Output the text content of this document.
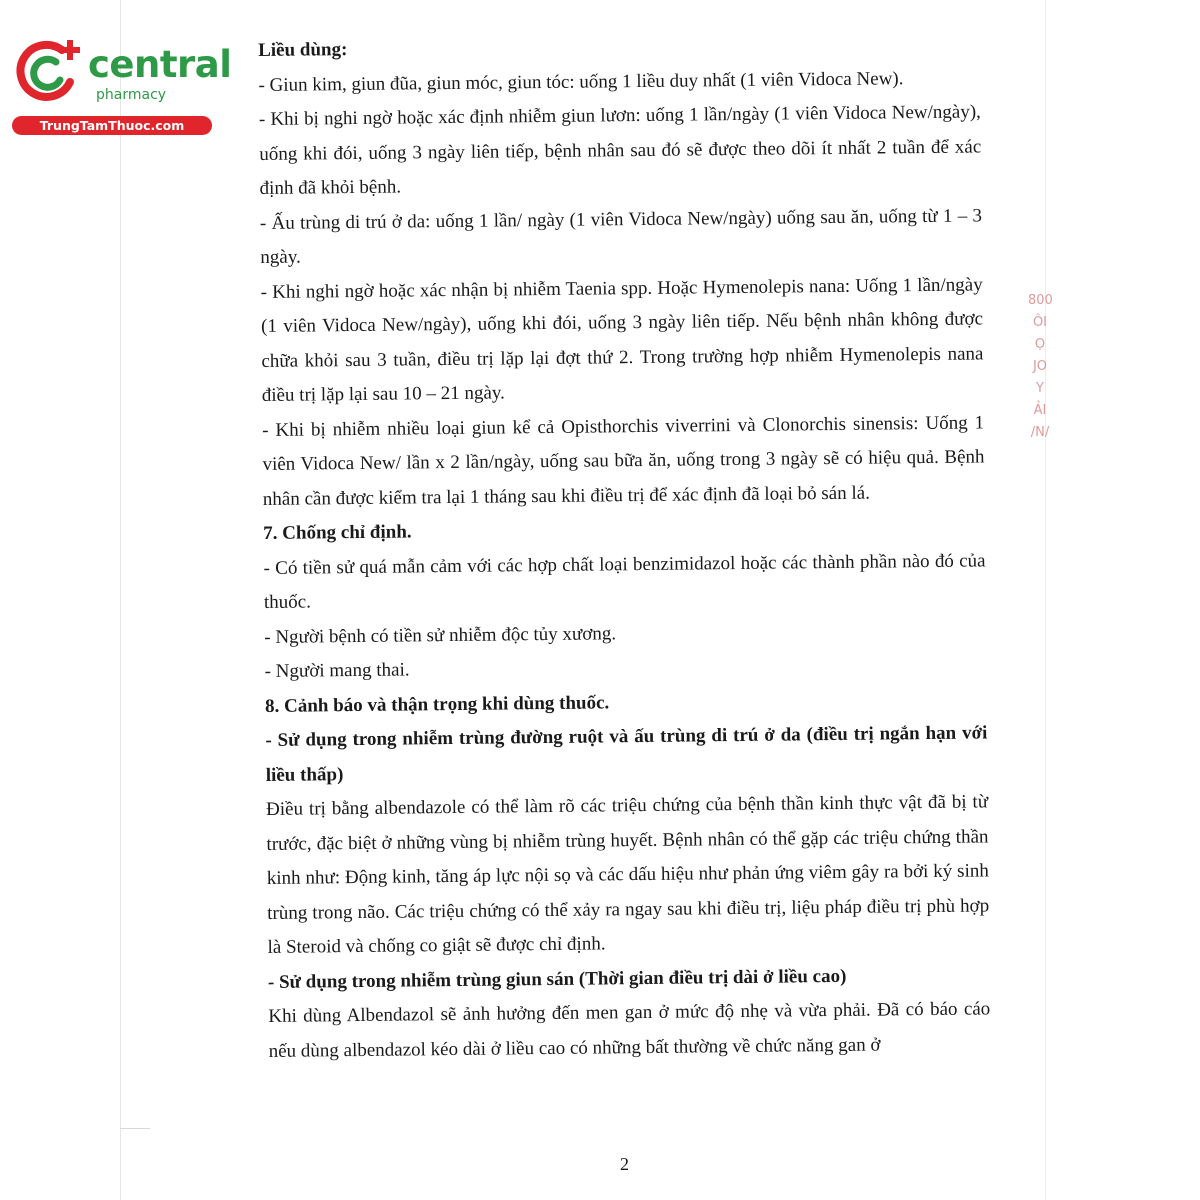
central
pharmacy
TrungTamThuoc.com
800
ÔI
Ọ
JO
Y
ẢI
/N/

Liều dùng:

- Giun kim, giun đũa, giun móc, giun tóc: uống 1 liều duy nhất (1 viên Vidoca New).

- Khi bị nghi ngờ hoặc xác định nhiễm giun lươn: uống 1 lần/ngày (1 viên Vidoca New/ngày), uống khi đói, uống 3 ngày liên tiếp, bệnh nhân sau đó sẽ được theo dõi ít nhất 2 tuần để xác định đã khỏi bệnh.

- Ấu trùng di trú ở da: uống 1 lần/ ngày (1 viên Vidoca New/ngày) uống sau ăn, uống từ 1 – 3 ngày.

- Khi nghi ngờ hoặc xác nhận bị nhiễm Taenia spp. Hoặc Hymenolepis nana: Uống 1 lần/ngày (1 viên Vidoca New/ngày), uống khi đói, uống 3 ngày liên tiếp. Nếu bệnh nhân không được chữa khỏi sau 3 tuần, điều trị lặp lại đợt thứ 2. Trong trường hợp nhiễm Hymenolepis nana điều trị lặp lại sau 10 – 21 ngày.

- Khi bị nhiễm nhiều loại giun kể cả Opisthorchis viverrini và Clonorchis sinensis: Uống 1 viên Vidoca New/ lần x 2 lần/ngày, uống sau bữa ăn, uống trong 3 ngày sẽ có hiệu quả. Bệnh nhân cần được kiểm tra lại 1 tháng sau khi điều trị để xác định đã loại bỏ sán lá.

7. Chống chỉ định.

- Có tiền sử quá mẫn cảm với các hợp chất loại benzimidazol hoặc các thành phần nào đó của thuốc.

- Người bệnh có tiền sử nhiễm độc tủy xương.

- Người mang thai.

8. Cảnh báo và thận trọng khi dùng thuốc.

- Sử dụng trong nhiễm trùng đường ruột và ấu trùng di trú ở da (điều trị ngắn hạn với liều thấp)

Điều trị bằng albendazole có thể làm rõ các triệu chứng của bệnh thần kinh thực vật đã bị từ trước, đặc biệt ở những vùng bị nhiễm trùng huyết. Bệnh nhân có thể gặp các triệu chứng thần kinh như: Động kinh, tăng áp lực nội sọ và các dấu hiệu như phản ứng viêm gây ra bởi ký sinh trùng trong não. Các triệu chứng có thể xảy ra ngay sau khi điều trị, liệu pháp điều trị phù hợp là Steroid và chống co giật sẽ được chỉ định.

- Sử dụng trong nhiễm trùng giun sán (Thời gian điều trị dài ở liều cao)

Khi dùng Albendazol sẽ ảnh hưởng đến men gan ở mức độ nhẹ và vừa phải. Đã có báo cáo nếu dùng albendazol kéo dài ở liều cao có những bất thường về chức năng gan ở

2
